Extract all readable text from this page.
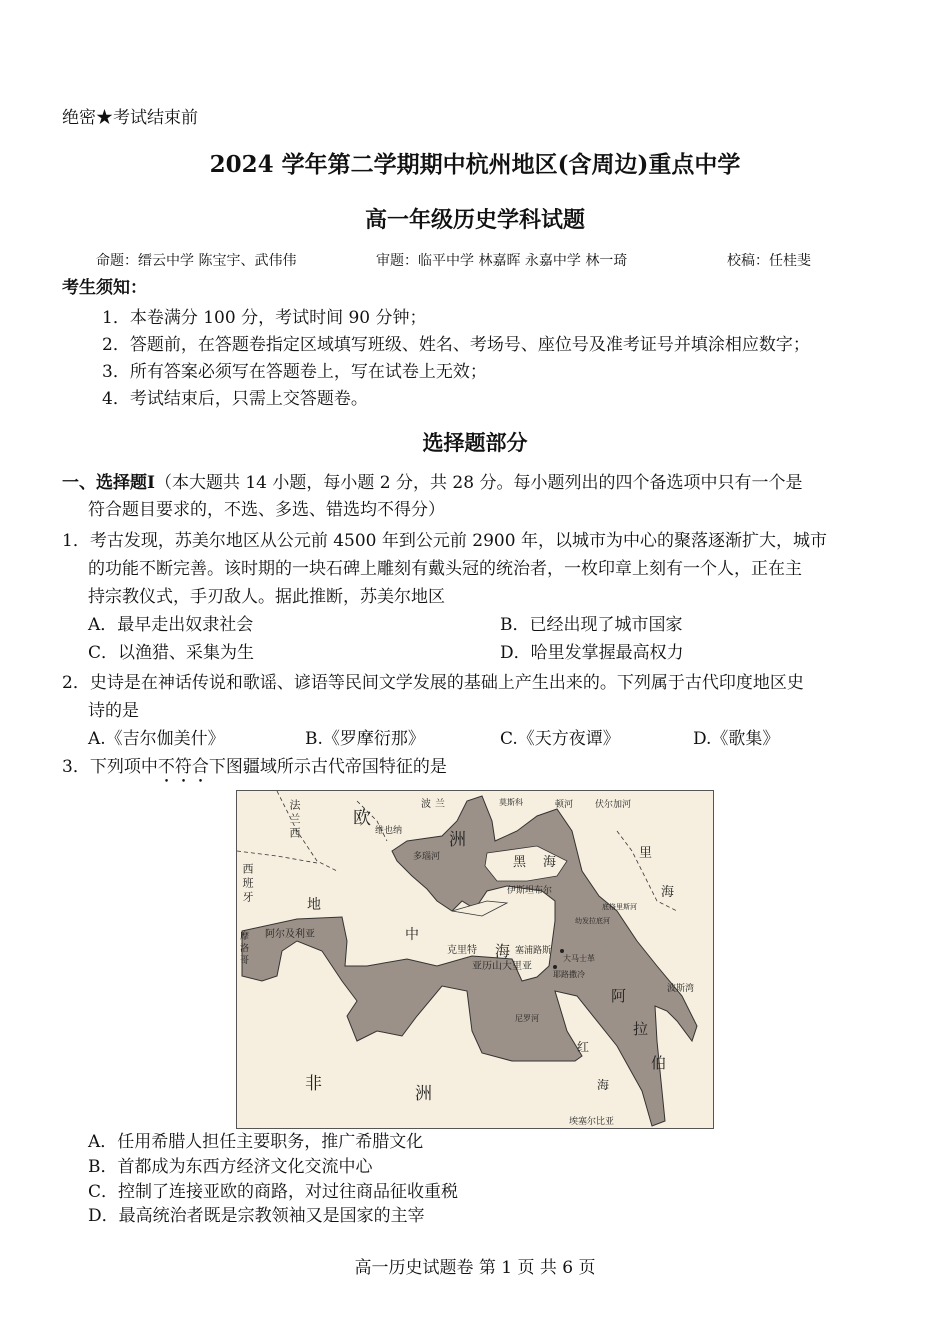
绝密★考试结束前
2024 学年第二学期期中杭州地区(含周边)重点中学
高一年级历史学科试题
命题：缙云中学 陈宝宇、武伟伟	审题：临平中学 林嘉晖 永嘉中学 林一琦	校稿：任桂斐
考生须知：
1．本卷满分 100 分，考试时间 90 分钟；
2．答题前，在答题卷指定区域填写班级、姓名、考场号、座位号及准考证号并填涂相应数字；
3．所有答案必须写在答题卷上，写在试卷上无效；
4．考试结束后，只需上交答题卷。
选择题部分
一、选择题Ⅰ（本大题共 14 小题，每小题 2 分，共 28 分。每小题列出的四个备选项中只有一个是
符合题目要求的，不选、多选、错选均不得分）
1．考古发现，苏美尔地区从公元前 4500 年到公元前 2900 年，以城市为中心的聚落逐渐扩大，城市
的功能不断完善。该时期的一块石碑上雕刻有戴头冠的统治者，一枚印章上刻有一个人，正在主
持宗教仪式，手刃敌人。据此推断，苏美尔地区
A．最早走出奴隶社会	B．已经出现了城市国家
C．以渔猎、采集为生	D．哈里发掌握最高权力
2．史诗是在神话传说和歌谣、谚语等民间文学发展的基础上产生出来的。下列属于古代印度地区史
诗的是
A.《吉尔伽美什》	B.《罗摩衍那》	C.《天方夜谭》	D.《歌集》
3．下列项中不符合下图疆域所示古代帝国特征的是
欧
维也纳
波兰	莫斯科	顿河 伏尔加河
洲
多瑙河	黑 海
里
海
地
中
海
伊斯坦布尔
阿尔及利亚
克里特	塞浦路斯
亚历山大里亚
大马士革
耶路撒冷
幼发拉底河
底格里斯河
阿
拉
伯
波斯湾
尼罗河
红
海
非	洲
埃塞尔比亚
法兰西
西班牙
摩洛哥
A．任用希腊人担任主要职务，推广希腊文化
B．首都成为东西方经济文化交流中心
C．控制了连接亚欧的商路，对过往商品征收重税
D．最高统治者既是宗教领袖又是国家的主宰
高一历史试题卷 第 1 页 共 6 页
